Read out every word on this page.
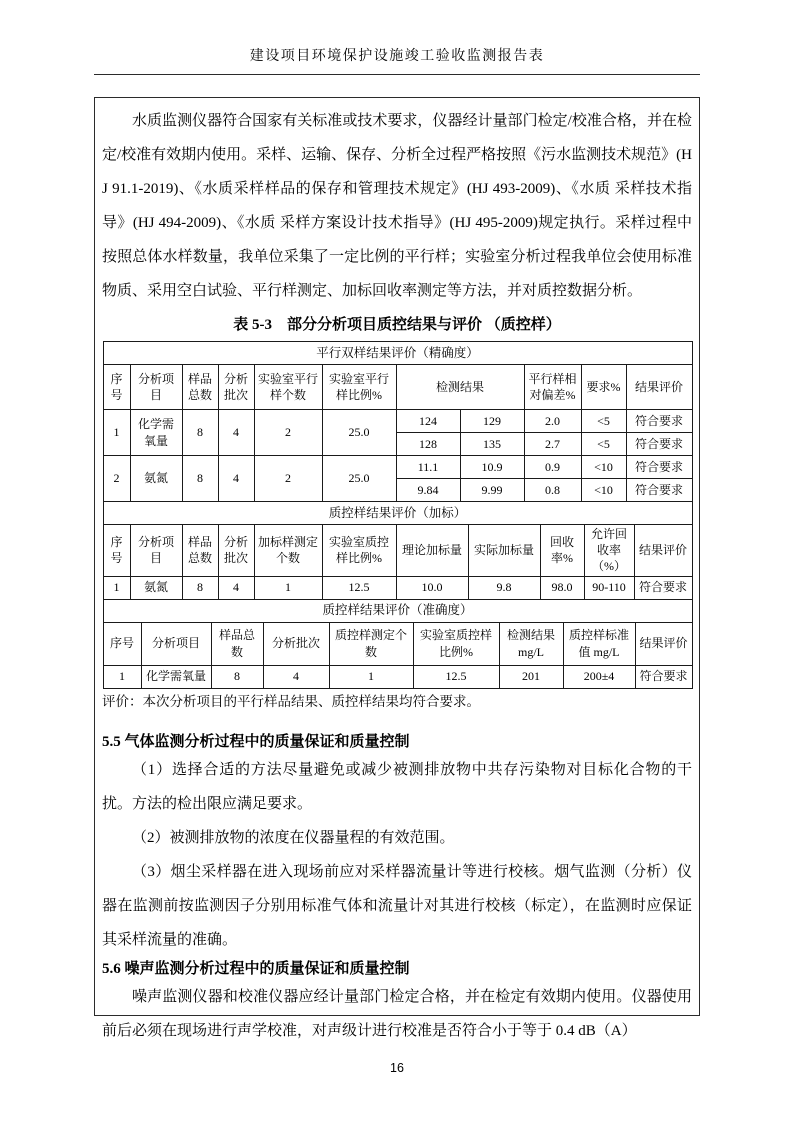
建设项目环境保护设施竣工验收监测报告表

水质监测仪器符合国家有关标准或技术要求，仪器经计量部门检定/校准合格，并在检定/校准有效期内使用。采样、运输、保存、分析全过程严格按照《污水监测技术规范》(HJ 91.1-2019)、《水质采样样品的保存和管理技术规定》(HJ 493-2009)、《水质 采样技术指导》(HJ 494-2009)、《水质 采样方案设计技术指导》(HJ 495-2009)规定执行。采样过程中按照总体水样数量，我单位采集了一定比例的平行样；实验室分析过程我单位会使用标准物质、采用空白试验、平行样测定、加标回收率测定等方法，并对质控数据分析。

表 5-3　部分分析项目质控结果与评价 （质控样）
平行双样结果评价（精确度）										
序号	分析项目	样品总数	分析批次	实验室平行样个数	实验室平行样比例%	检测结果		平行样相对偏差%	要求%	结果评价
1	化学需氧量	8	4	2	25.0	124	129	2.0	<5	符合要求
						128	135	2.7	<5	符合要求
2	氨氮	8	4	2	25.0	11.1	10.9	0.9	<10	符合要求
						9.84	9.99	0.8	<10	符合要求
质控样结果评价（加标）										
序号	分析项目	样品总数	分析批次	加标样测定个数	实验室质控样比例%	理论加标量	实际加标量	回收率%	允许回收率（%）	结果评价
1	氨氮	8	4	1	12.5	10.0	9.8	98.0	90-110	符合要求
质控样结果评价（准确度）								
序号	分析项目	样品总数	分析批次	质控样测定个数	实验室质控样比例%	检测结果 mg/L	质控样标准值 mg/L	结果评价
1	化学需氧量	8	4	1	12.5	201	200±4	符合要求

评价：本次分析项目的平行样品结果、质控样结果均符合要求。

5.5 气体监测分析过程中的质量保证和质量控制

（1）选择合适的方法尽量避免或减少被测排放物中共存污染物对目标化合物的干扰。方法的检出限应满足要求。

（2）被测排放物的浓度在仪器量程的有效范围。

（3）烟尘采样器在进入现场前应对采样器流量计等进行校核。烟气监测（分析）仪器在监测前按监测因子分别用标准气体和流量计对其进行校核（标定），在监测时应保证其采样流量的准确。

5.6 噪声监测分析过程中的质量保证和质量控制

噪声监测仪器和校准仪器应经计量部门检定合格，并在检定有效期内使用。仪器使用前后必须在现场进行声学校准，对声级计进行校准是否符合小于等于 0.4 dB（A）

16
